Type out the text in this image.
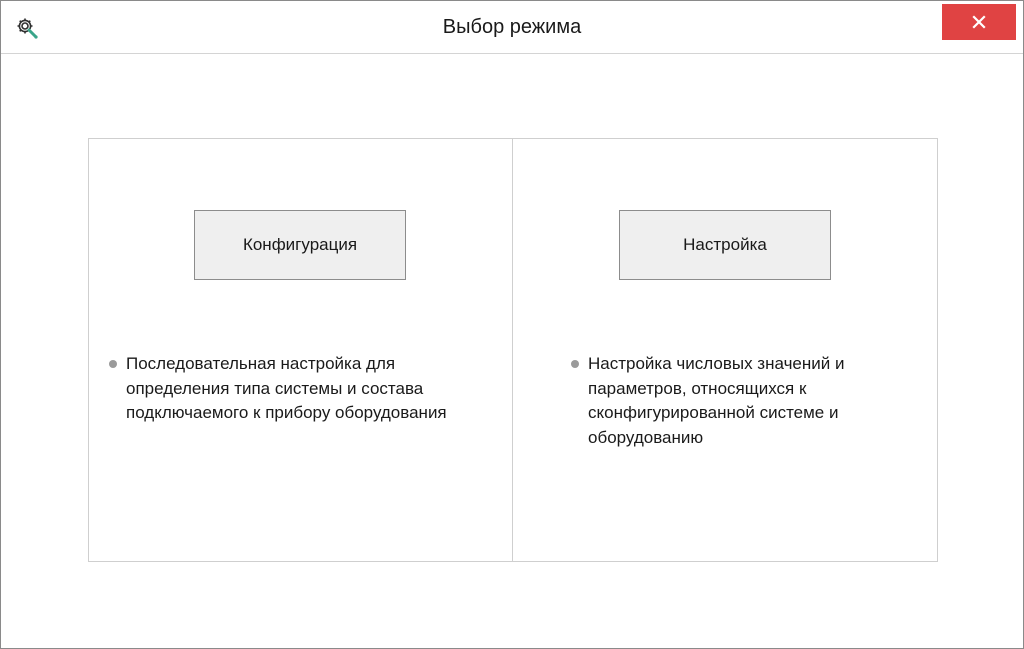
Выбор режима
Конфигурация	Настройка
Последовательная настройка для
определения типа системы и состава
подключаемого к прибору оборудования
Настройка числовых значений и
параметров, относящихся к
сконфигурированной системе и
оборудованию
